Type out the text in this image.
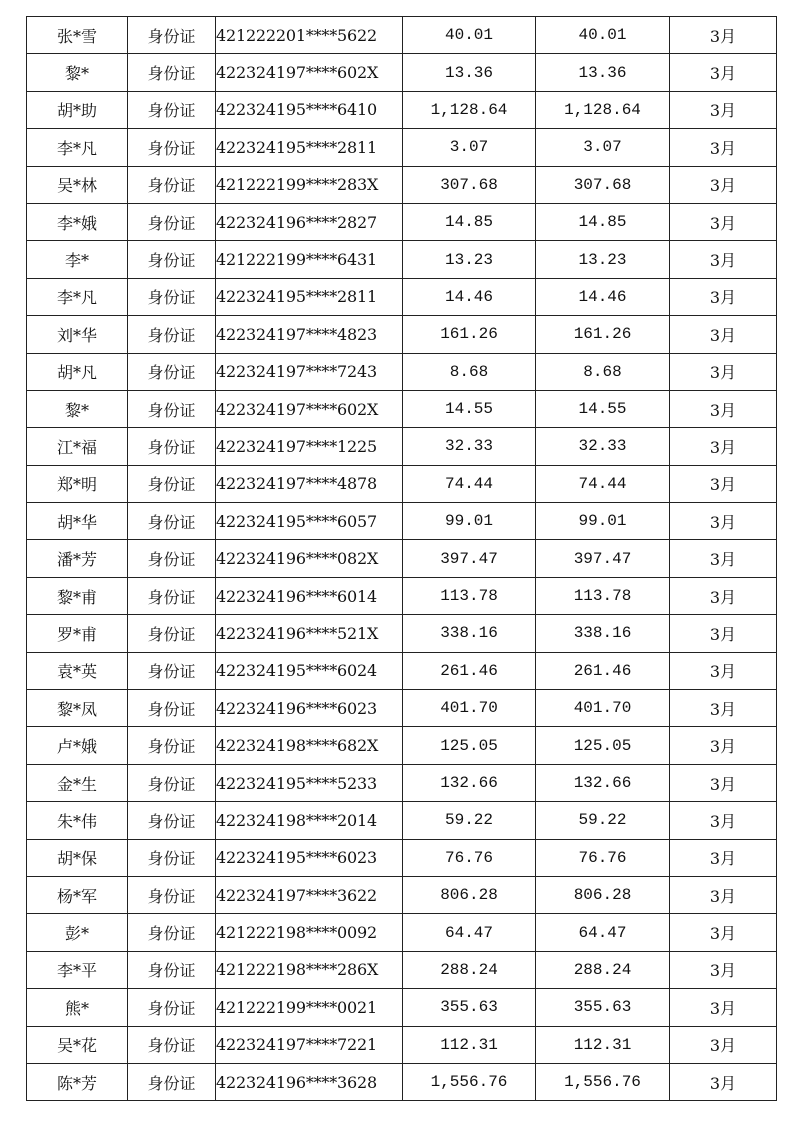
张*雪	身份证	421222201****5622	40.01	40.01	3月
黎*	身份证	422324197****602X	13.36	13.36	3月
胡*助	身份证	422324195****6410	1,128.64	1,128.64	3月
李*凡	身份证	422324195****2811	3.07	3.07	3月
吴*林	身份证	421222199****283X	307.68	307.68	3月
李*娥	身份证	422324196****2827	14.85	14.85	3月
李*	身份证	421222199****6431	13.23	13.23	3月
李*凡	身份证	422324195****2811	14.46	14.46	3月
刘*华	身份证	422324197****4823	161.26	161.26	3月
胡*凡	身份证	422324197****7243	8.68	8.68	3月
黎*	身份证	422324197****602X	14.55	14.55	3月
江*福	身份证	422324197****1225	32.33	32.33	3月
郑*明	身份证	422324197****4878	74.44	74.44	3月
胡*华	身份证	422324195****6057	99.01	99.01	3月
潘*芳	身份证	422324196****082X	397.47	397.47	3月
黎*甫	身份证	422324196****6014	113.78	113.78	3月
罗*甫	身份证	422324196****521X	338.16	338.16	3月
袁*英	身份证	422324195****6024	261.46	261.46	3月
黎*凤	身份证	422324196****6023	401.70	401.70	3月
卢*娥	身份证	422324198****682X	125.05	125.05	3月
金*生	身份证	422324195****5233	132.66	132.66	3月
朱*伟	身份证	422324198****2014	59.22	59.22	3月
胡*保	身份证	422324195****6023	76.76	76.76	3月
杨*军	身份证	422324197****3622	806.28	806.28	3月
彭*	身份证	421222198****0092	64.47	64.47	3月
李*平	身份证	421222198****286X	288.24	288.24	3月
熊*	身份证	421222199****0021	355.63	355.63	3月
吴*花	身份证	422324197****7221	112.31	112.31	3月
陈*芳	身份证	422324196****3628	1,556.76	1,556.76	3月
